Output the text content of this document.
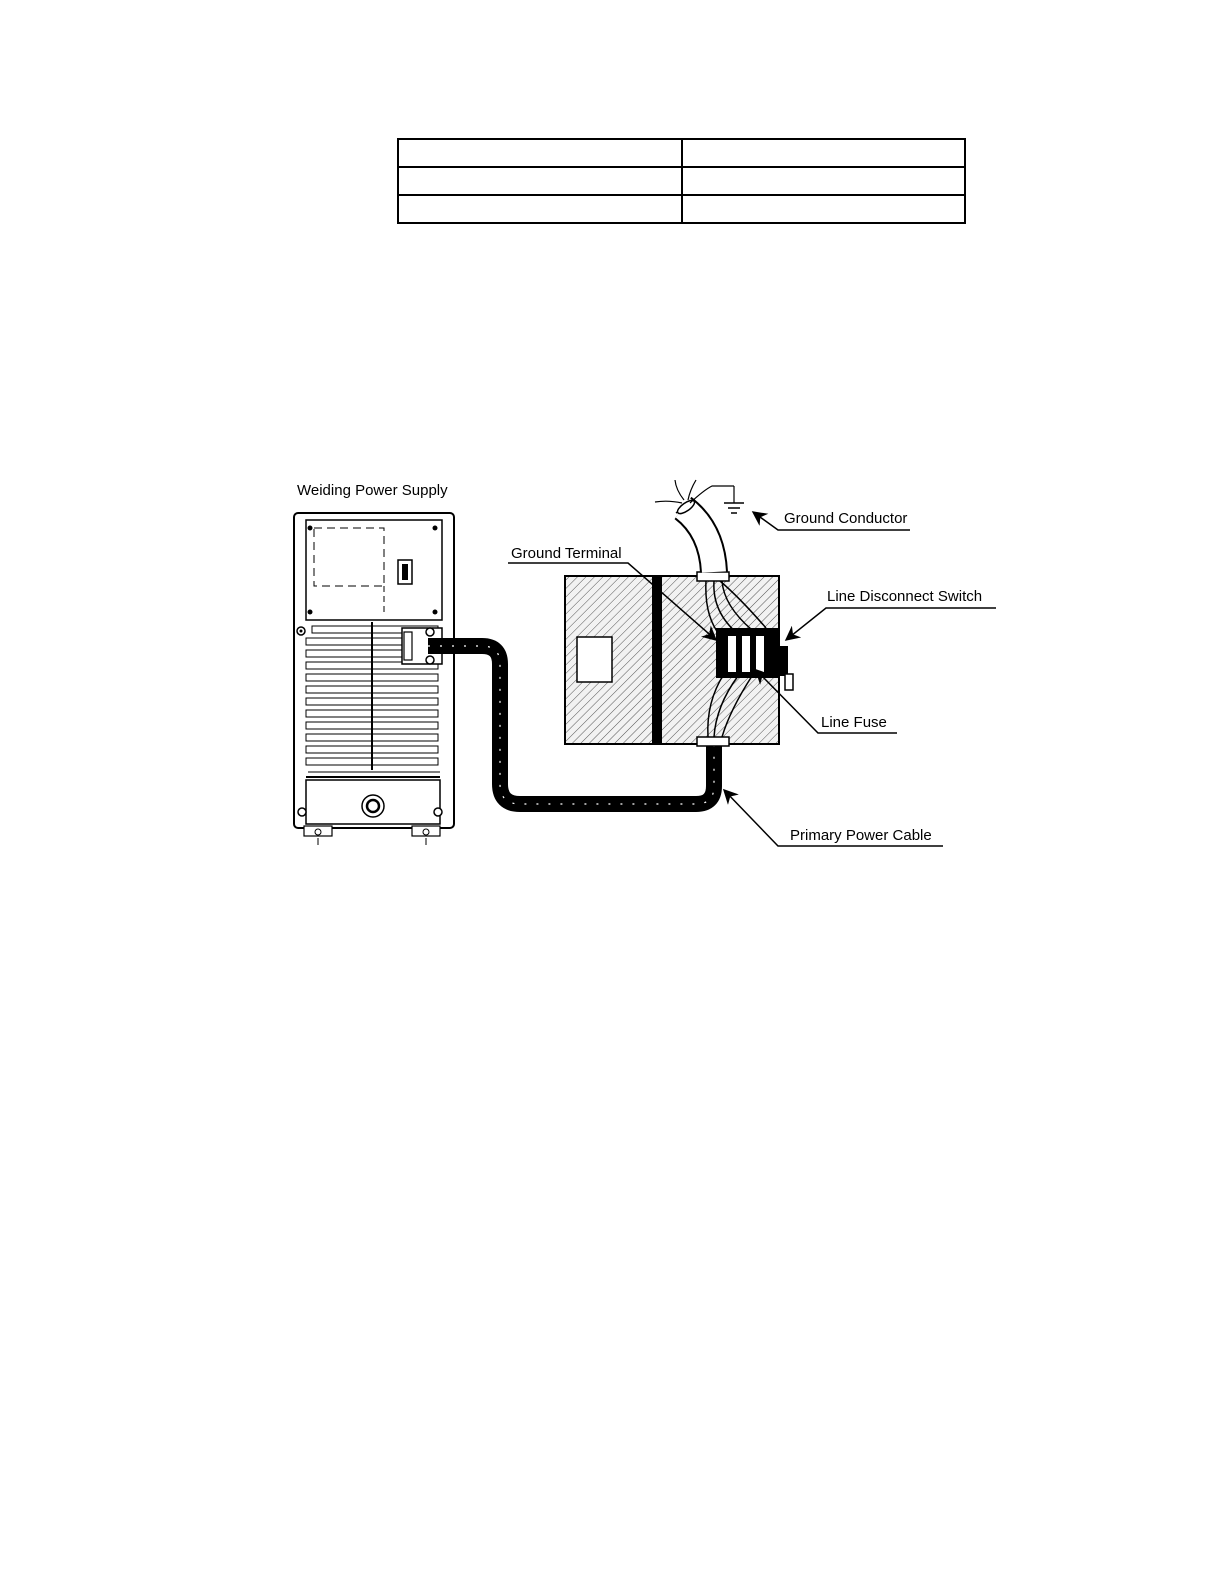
Weiding Power Supply
Ground Conductor
Ground Terminal
Line Disconnect Switch
Line Fuse
Primary Power Cable
